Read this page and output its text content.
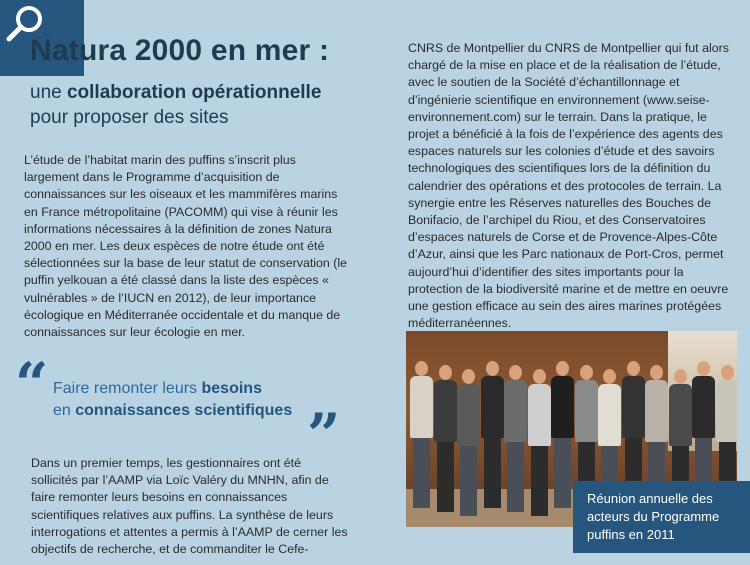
Natura 2000 en mer :

une collaboration opérationnelle
pour proposer des sites

L’étude de l’habitat marin des puffins s’inscrit plus largement dans le Programme d’acquisition de connaissances sur les oiseaux et les mammifères marins en France métropolitaine (PACOMM) qui vise à réunir les informations nécessaires à la définition de zones Natura 2000 en mer. Les deux espèces de notre étude ont été sélectionnées sur la base de leur statut de conservation (le puffin yelkouan a été classé dans la liste des espèces « vulnérables » de l’IUCN en 2012), de leur importance écologique en Méditerranée occidentale et du manque de connaissances sur leur écologie en mer.

“ Faire remonter leurs besoins
en connaissances scientifiques ”

Dans un premier temps, les gestionnaires ont été sollicités par l’AAMP via Loïc Valéry du MNHN, afin de faire remonter leurs besoins en connaissances scientifiques relatives aux puffins. La synthèse de leurs interrogations et attentes a permis à l’AAMP de cerner les objectifs de recherche, et de commanditer le Cefe-

CNRS de Montpellier du CNRS de Montpellier qui fut alors chargé de la mise en place et de la réalisation de l’étude, avec le soutien de la Société d’échantillonnage et d’ingénierie scientifique en environnement (www.seise-environnement.com) sur le terrain. Dans la pratique, le projet a bénéficié à la fois de l’expérience des agents des espaces naturels sur les colonies d’étude et des savoirs technologiques des scientifiques lors de la définition du calendrier des opérations et des protocoles de terrain. La synergie entre les Réserves naturelles des Bouches de Bonifacio, de l’archipel du Riou, et des Conservatoires d’espaces naturels de Corse et de Provence-Alpes-Côte d’Azur, ainsi que les Parc nationaux de Port-Cros, permet aujourd’hui d’identifier des sites importants pour la protection de la biodiversité marine et de mettre en oeuvre une gestion efficace au sein des aires marines protégées méditerranéennes.

Réunion annuelle des acteurs du Programme puffins en 2011
